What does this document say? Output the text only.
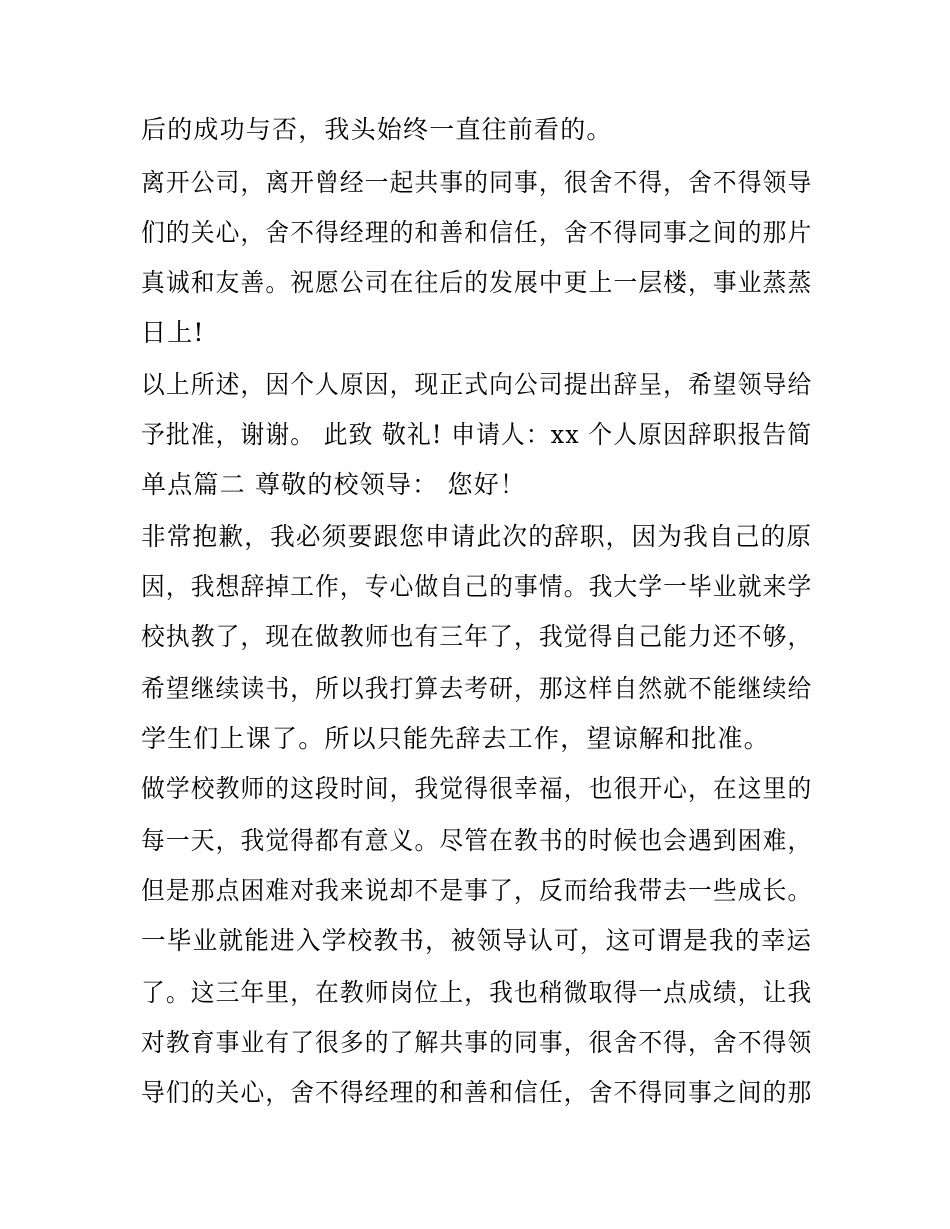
后的成功与否，我头始终一直往前看的。
离开公司，离开曾经一起共事的同事，很舍不得，舍不得领导
们的关心，舍不得经理的和善和信任，舍不得同事之间的那片
真诚和友善。祝愿公司在往后的发展中更上一层楼，事业蒸蒸
日上!
以上所述，因个人原因，现正式向公司提出辞呈，希望领导给
予批准，谢谢。 此致 敬礼! 申请人：xx 个人原因辞职报告简
单点篇二 尊敬的校领导： 您好！
非常抱歉，我必须要跟您申请此次的辞职，因为我自己的原
因，我想辞掉工作，专心做自己的事情。我大学一毕业就来学
校执教了，现在做教师也有三年了，我觉得自己能力还不够，
希望继续读书，所以我打算去考研，那这样自然就不能继续给
学生们上课了。所以只能先辞去工作，望谅解和批准。
做学校教师的这段时间，我觉得很幸福，也很开心，在这里的
每一天，我觉得都有意义。尽管在教书的时候也会遇到困难，
但是那点困难对我来说却不是事了，反而给我带去一些成长。
一毕业就能进入学校教书，被领导认可，这可谓是我的幸运
了。这三年里，在教师岗位上，我也稍微取得一点成绩，让我
对教育事业有了很多的了解共事的同事，很舍不得，舍不得领
导们的关心，舍不得经理的和善和信任，舍不得同事之间的那
